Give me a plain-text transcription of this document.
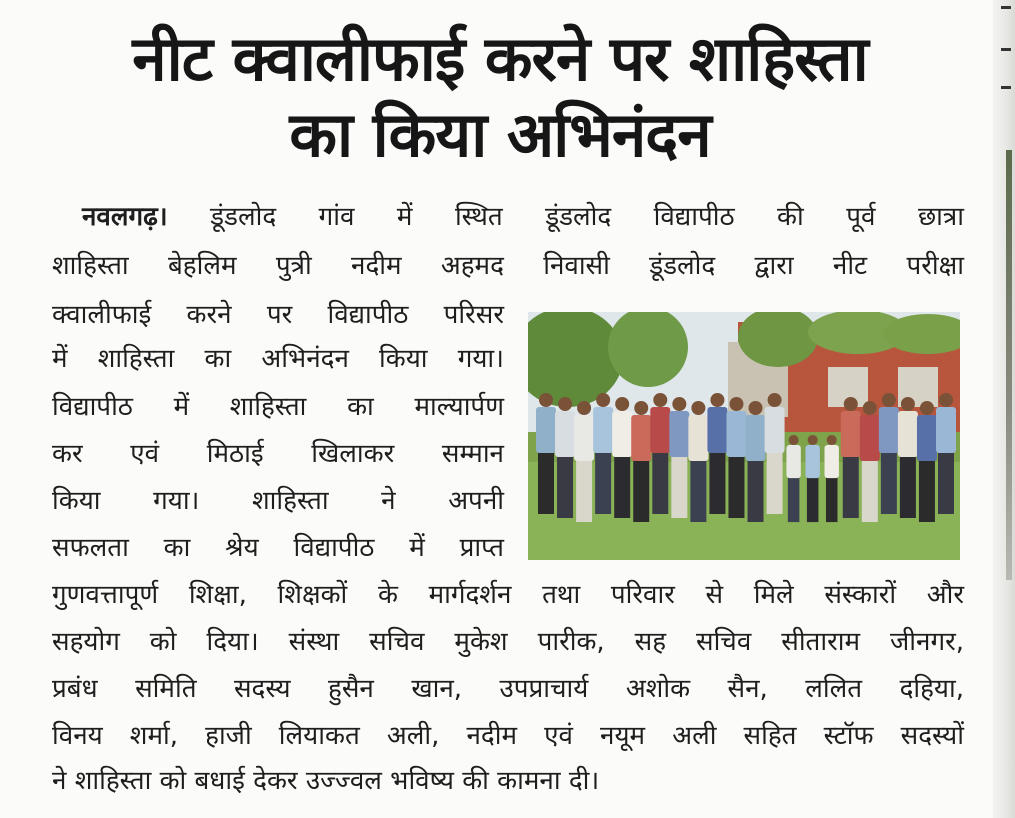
नीट क्वालीफाई करने पर शाहिस्ता
का किया अभिनंदन

नवलगढ़। डूंडलोद गांव में स्थित डूंडलोद विद्यापीठ की पूर्व छात्रा

शाहिस्ता बेहलिम पुत्री नदीम अहमद निवासी डूंडलोद द्वारा नीट परीक्षा

क्वालीफाई करने पर विद्यापीठ परिसर

में शाहिस्ता का अभिनंदन किया गया।

विद्यापीठ में शाहिस्ता का माल्यार्पण

कर एवं मिठाई खिलाकर सम्मान

किया गया। शाहिस्ता ने अपनी

सफलता का श्रेय विद्यापीठ में प्राप्त

गुणवत्तापूर्ण शिक्षा, शिक्षकों के मार्गदर्शन तथा परिवार से मिले संस्कारों और

सहयोग को दिया। संस्था सचिव मुकेश पारीक, सह सचिव सीताराम जीनगर,

प्रबंध समिति सदस्य हुसैन खान, उपप्राचार्य अशोक सैन, ललित दहिया,

विनय शर्मा, हाजी लियाकत अली, नदीम एवं नयूम अली सहित स्टॉफ सदस्यों

ने शाहिस्ता को बधाई देकर उज्ज्वल भविष्य की कामना दी।
